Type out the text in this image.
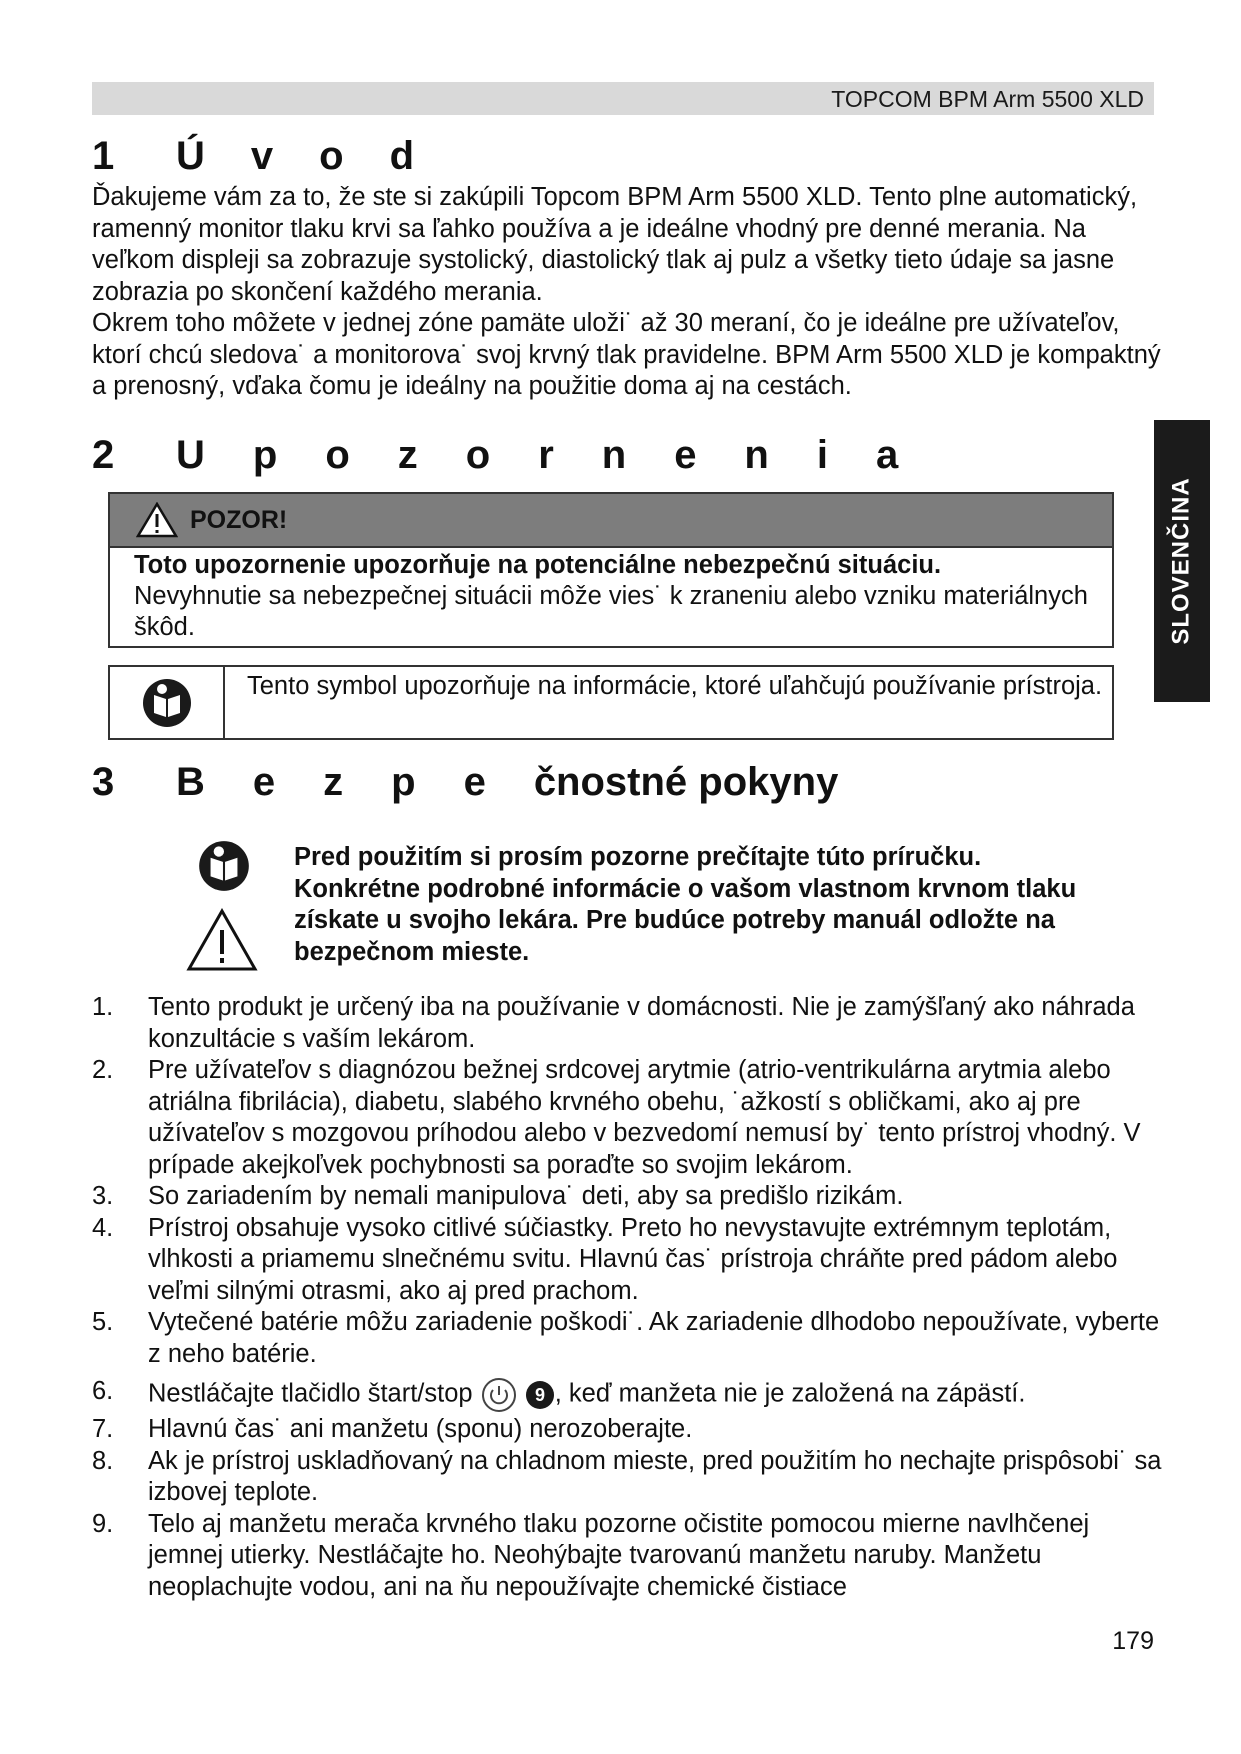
TOPCOM BPM Arm 5500 XLD
1	Úvod

Ďakujeme vám za to, že ste si zakúpili Topcom BPM Arm 5500 XLD. Tento plne automatický, ramenný monitor tlaku krvi sa ľahko používa a je ideálne vhodný pre denné merania. Na veľkom displeji sa zobrazuje systolický, diastolický tlak aj pulz a všetky tieto údaje sa jasne zobrazia po skončení každého merania.

Okrem toho môžete v jednej zóne pamäte uloži˙ až 30 meraní, čo je ideálne pre užívateľov, ktorí chcú sledova˙ a monitorova˙ svoj krvný tlak pravidelne. BPM Arm 5500 XLD je kompaktný a prenosný, vďaka čomu je ideálny na použitie doma aj na cestách.

SLOVENČINA
2	Upozornenia
POZOR!
Toto upozornenie upozorňuje na potenciálne nebezpečnú situáciu.
Nevyhnutie sa nebezpečnej situácii môže vies˙ k zraneniu alebo vzniku materiálnych škôd.
Tento symbol upozorňuje na informácie, ktoré uľahčujú používanie prístroja.
3	Bezpe čnostné pokyny
Pred použitím si prosím pozorne prečítajte túto príručku. Konkrétne podrobné informácie o vašom vlastnom krvnom tlaku získate u svojho lekára. Pre budúce potreby manuál odložte na bezpečnom mieste.
1.	Tento produkt je určený iba na používanie v domácnosti. Nie je zamýšľaný ako náhrada konzultácie s vaším lekárom.
2.	Pre užívateľov s diagnózou bežnej srdcovej arytmie (atrio-ventrikulárna arytmia alebo atriálna fibrilácia), diabetu, slabého krvného obehu, ˙ažkostí s obličkami, ako aj pre užívateľov s mozgovou príhodou alebo v bezvedomí nemusí by˙ tento prístroj vhodný. V prípade akejkoľvek pochybnosti sa poraďte so svojim lekárom.
3.	So zariadením by nemali manipulova˙ deti, aby sa predišlo rizikám.
4.	Prístroj obsahuje vysoko citlivé súčiastky. Preto ho nevystavujte extrémnym teplotám, vlhkosti a priamemu slnečnému svitu. Hlavnú čas˙ prístroja chráňte pred pádom alebo veľmi silnými otrasmi, ako aj pred prachom.
5.	Vytečené batérie môžu zariadenie poškodi˙. Ak zariadenie dlhodobo nepoužívate, vyberte z neho batérie.
6.	Nestláčajte tlačidlo štart/stop	9 , keď manžeta nie je založená na zápästí.
7.	Hlavnú čas˙ ani manžetu (sponu) nerozoberajte.
8.	Ak je prístroj uskladňovaný na chladnom mieste, pred použitím ho nechajte prispôsobi˙ sa izbovej teplote.
9.	Telo aj manžetu merača krvného tlaku pozorne očistite pomocou mierne navlhčenej jemnej utierky. Nestláčajte ho. Neohýbajte tvarovanú manžetu naruby. Manžetu neoplachujte vodou, ani na ňu nepoužívajte chemické čistiace
179
